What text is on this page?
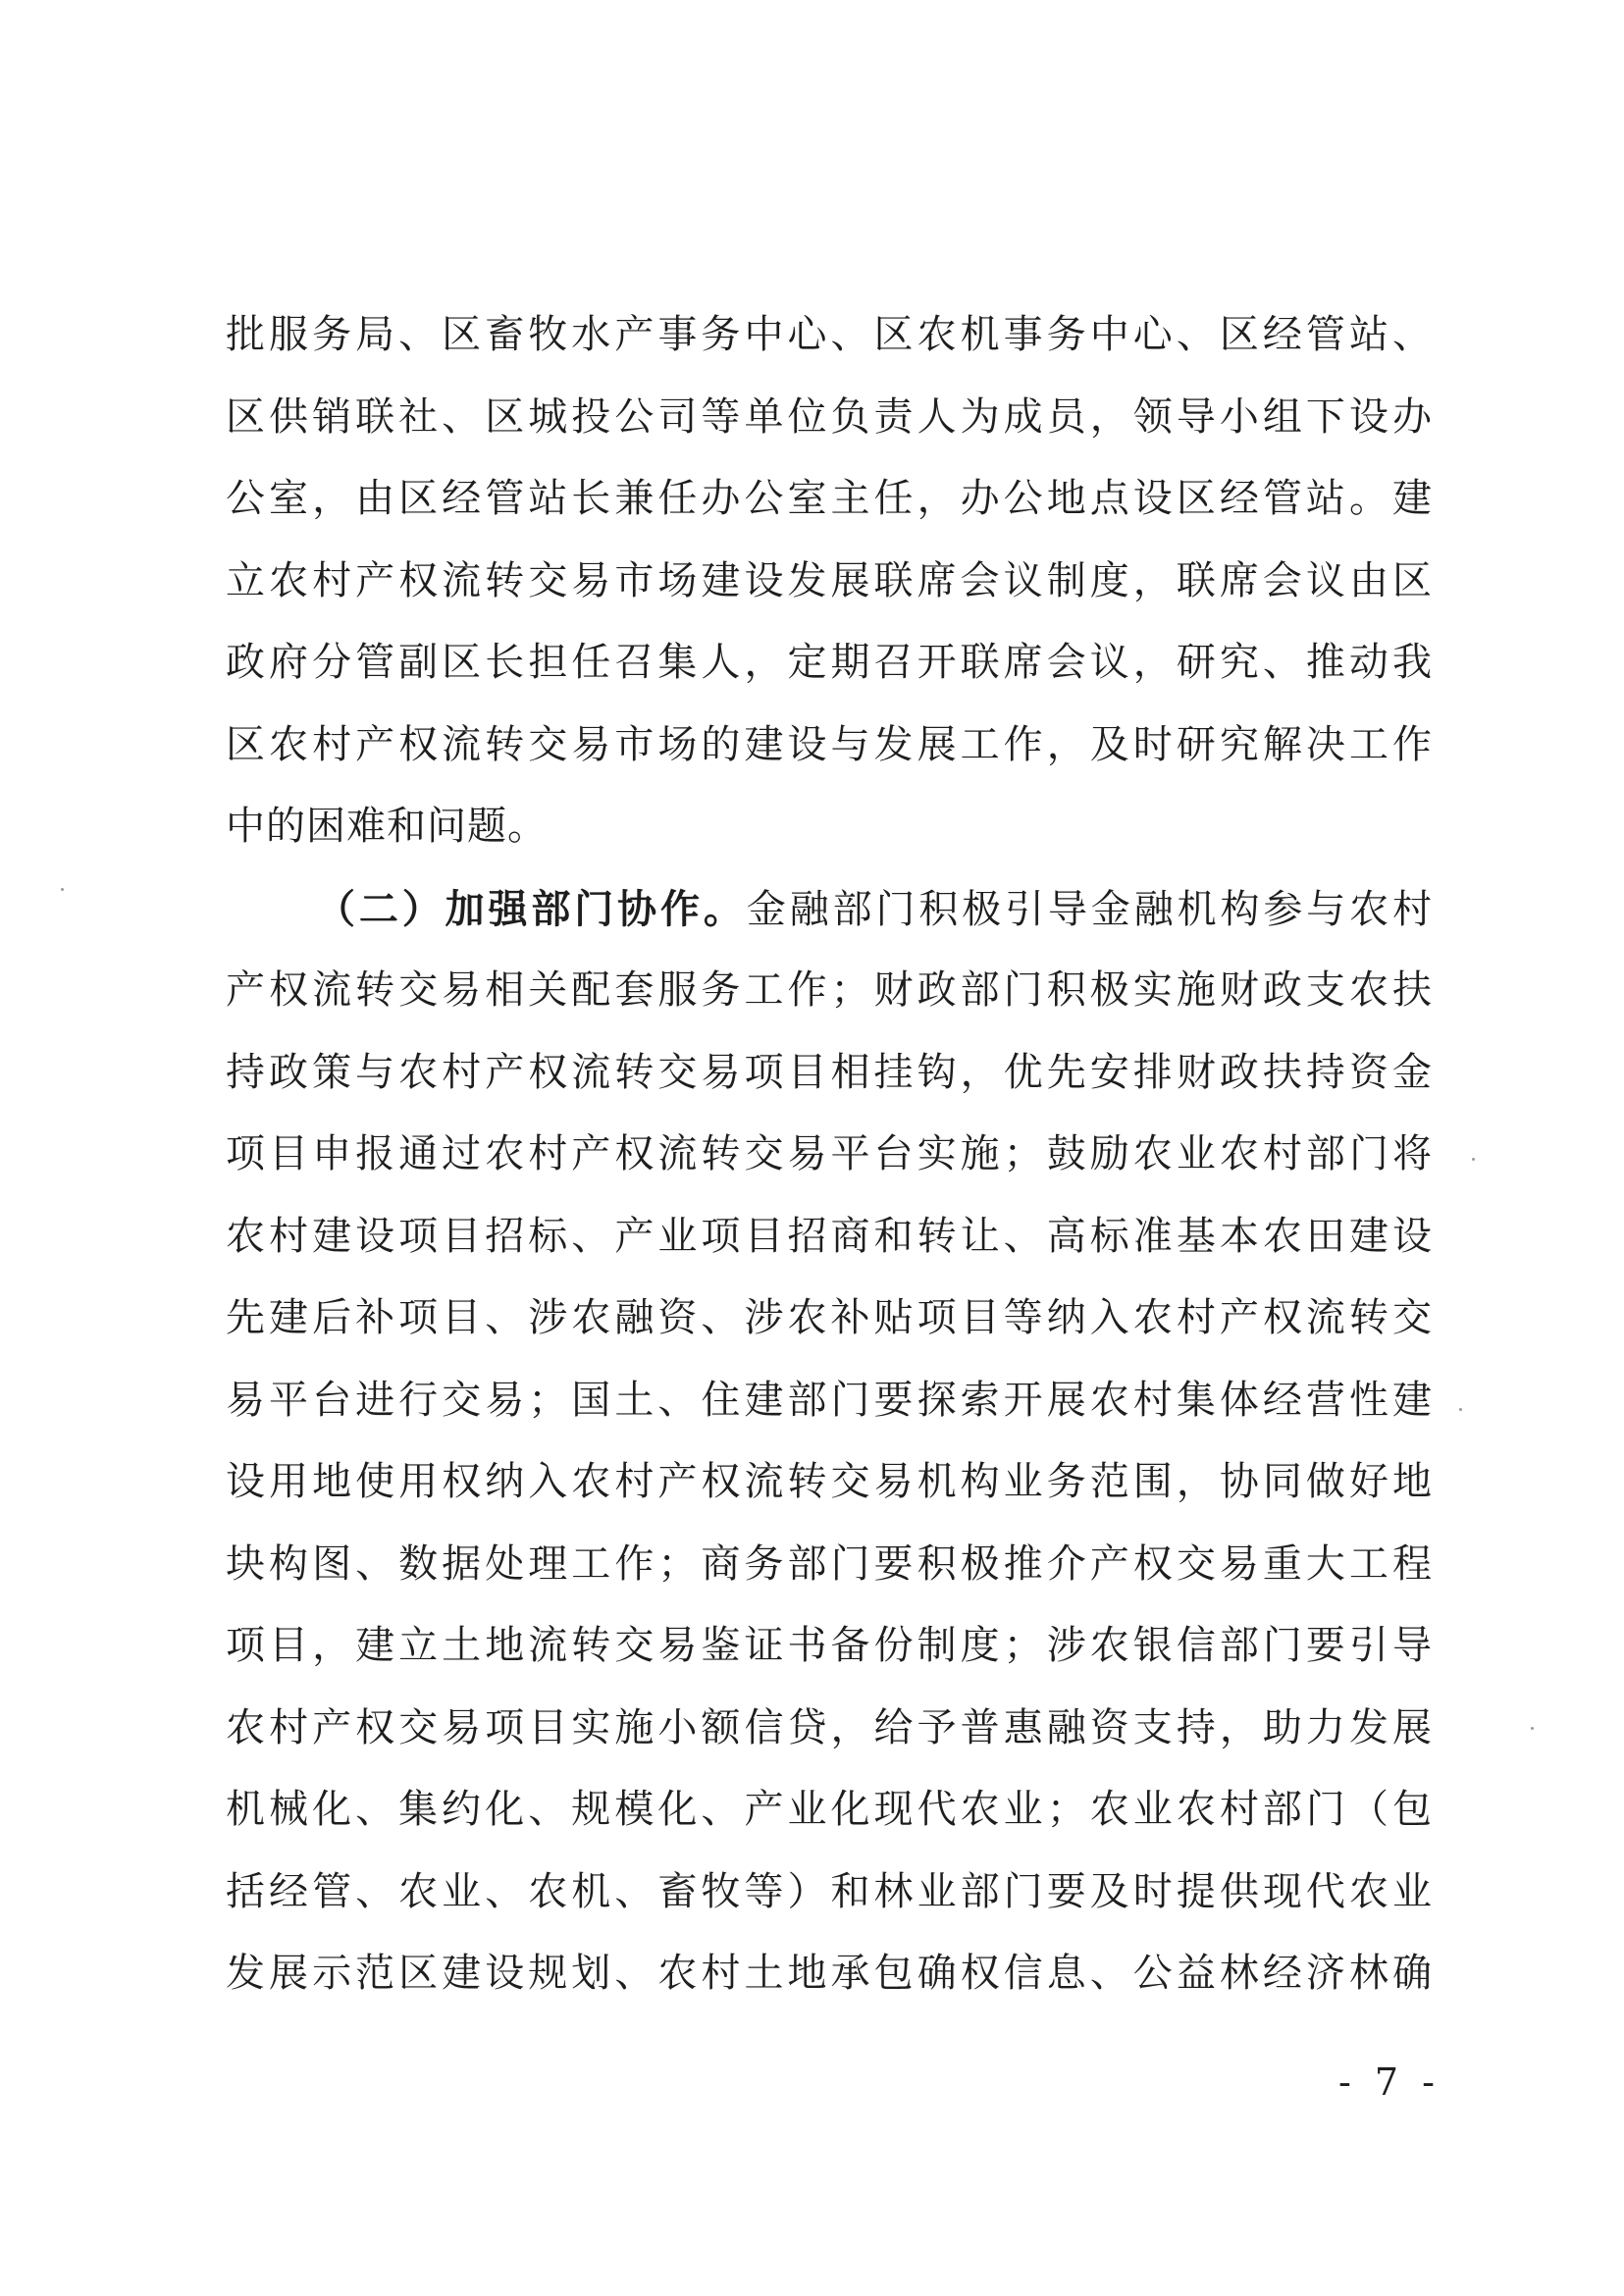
批服务局、区畜牧水产事务中心、区农机事务中心、区经管站、
区供销联社、区城投公司等单位负责人为成员，领导小组下设办
公室，由区经管站长兼任办公室主任，办公地点设区经管站。建
立农村产权流转交易市场建设发展联席会议制度，联席会议由区
政府分管副区长担任召集人，定期召开联席会议，研究、推动我
区农村产权流转交易市场的建设与发展工作，及时研究解决工作
中的困难和问题。
（二）加强部门协作。金融部门积极引导金融机构参与农村
产权流转交易相关配套服务工作；财政部门积极实施财政支农扶
持政策与农村产权流转交易项目相挂钩，优先安排财政扶持资金
项目申报通过农村产权流转交易平台实施；鼓励农业农村部门将
农村建设项目招标、产业项目招商和转让、高标准基本农田建设
先建后补项目、涉农融资、涉农补贴项目等纳入农村产权流转交
易平台进行交易；国土、住建部门要探索开展农村集体经营性建
设用地使用权纳入农村产权流转交易机构业务范围，协同做好地
块构图、数据处理工作；商务部门要积极推介产权交易重大工程
项目，建立土地流转交易鉴证书备份制度；涉农银信部门要引导
农村产权交易项目实施小额信贷，给予普惠融资支持，助力发展
机械化、集约化、规模化、产业化现代农业；农业农村部门（包
括经管、农业、农机、畜牧等）和林业部门要及时提供现代农业
发展示范区建设规划、农村土地承包确权信息、公益林经济林确
- 7 -
